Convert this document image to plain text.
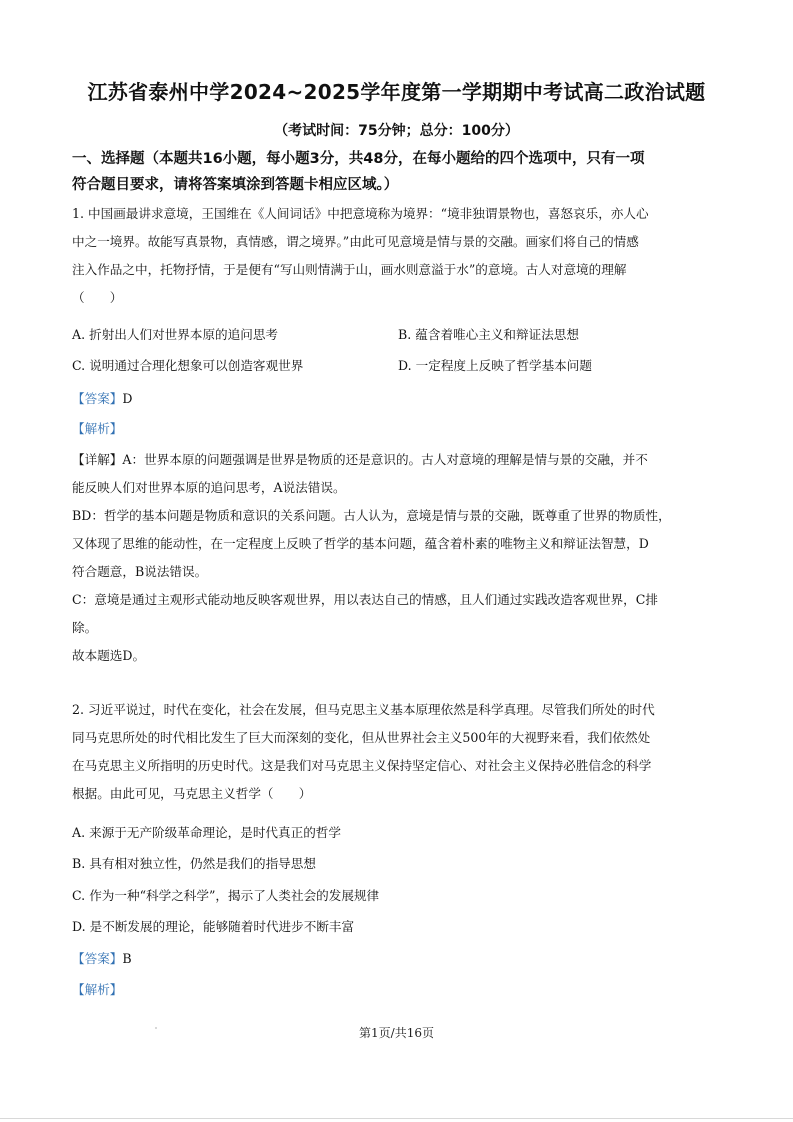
江苏省泰州中学2024~2025学年度第一学期期中考试高二政治试题
（考试时间：75分钟；总分：100分）
一、选择题（本题共16小题，每小题3分，共48分，在每小题给的四个选项中，只有一项
符合题目要求，请将答案填涂到答题卡相应区域。）
1. 中国画最讲求意境，王国维在《人间词话》中把意境称为境界：“境非独谓景物也，喜怒哀乐，亦人心
中之一境界。故能写真景物，真情感，谓之境界。”由此可见意境是情与景的交融。画家们将自己的情感
注入作品之中，托物抒情，于是便有“写山则情满于山，画水则意溢于水”的意境。古人对意境的理解
（　　）
A. 折射出人们对世界本原的追问思考	B. 蕴含着唯心主义和辩证法思想
C. 说明通过合理化想象可以创造客观世界	D. 一定程度上反映了哲学基本问题
【答案】D
【解析】
【详解】A：世界本原的问题强调是世界是物质的还是意识的。古人对意境的理解是情与景的交融，并不
能反映人们对世界本原的追问思考，A说法错误。
BD：哲学的基本问题是物质和意识的关系问题。古人认为，意境是情与景的交融，既尊重了世界的物质性，
又体现了思维的能动性，在一定程度上反映了哲学的基本问题，蕴含着朴素的唯物主义和辩证法智慧，D
符合题意，B说法错误。
C：意境是通过主观形式能动地反映客观世界，用以表达自己的情感，且人们通过实践改造客观世界，C排
除。
故本题选D。
2. 习近平说过，时代在变化，社会在发展，但马克思主义基本原理依然是科学真理。尽管我们所处的时代
同马克思所处的时代相比发生了巨大而深刻的变化，但从世界社会主义500年的大视野来看，我们依然处
在马克思主义所指明的历史时代。这是我们对马克思主义保持坚定信心、对社会主义保持必胜信念的科学
根据。由此可见，马克思主义哲学（　　）
A. 来源于无产阶级革命理论，是时代真正的哲学
B. 具有相对独立性，仍然是我们的指导思想
C. 作为一种“科学之科学”，揭示了人类社会的发展规律
D. 是不断发展的理论，能够随着时代进步不断丰富
【答案】B
【解析】
第1页/共16页
